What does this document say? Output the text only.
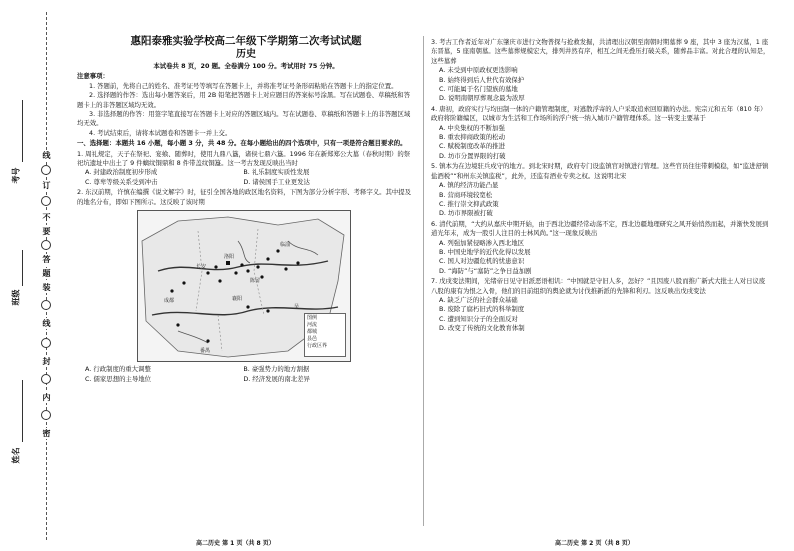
考号
班级
姓名
线
订
不
要
答
题
装
线
封
内
密
惠阳泰雅实验学校高二年级下学期第二次考试试题
历史
本试卷共 8 页，20 题。全卷满分 100 分。考试用时 75 分钟。
注意事项：

1. 答题前，先将自己的姓名、准考证号等填写在答题卡上，并将准考证号条形码粘贴在答题卡上的指定位置。

2. 选择题的作答：选出每小题答案后，用 2B 铅笔把答题卡上对应题目的答案标号涂黑。写在试题卷、草稿纸和答题卡上的非答题区域均无效。

3. 非选择题的作答：用签字笔直接写在答题卡上对应的答题区域内。写在试题卷、草稿纸和答题卡上的非答题区域均无效。

4. 考试结束后，请将本试题卷和答题卡一并上交。

一、选择题：本题共 16 小题，每小题 3 分，共 48 分。在每小题给出的四个选项中，只有一项是符合题目要求的。

1. 周礼规定，天子在祭祀、宴飨、随葬时，使用九鼎八簋，诸侯七鼎六簋。1996 年在新郑郑公大墓（春秋时期）的祭祀坑遗址中出土了 9 件螭纹铜鼎和 8 件带盖纹铜簋。这一考古发现反映出当时

A. 封建政治制度初步形成	B. 礼乐制度实质性发展
C. 尊卑等级关系受到冲击	D. 诸侯国手工业更发达

2. 东汉前期，许慎在编撰《说文解字》时，征引全国各地的政区地名资料，下图为部分分析字形、考释字义。其中提及的地名分布，即如下图所示。这反映了该时期

洛阳
长安
临淄
吴
成都
番禺
襄阳
陈留
图例
河流
都城
县邑
行政区界
A. 行政制度的重大调整	B. 豪强势力的地方割据
C. 儒家思想的主导地位	D. 经济发展的南北差异

3. 考古工作者近年对广东肇庆市进行文物普探与抢救发掘，共清理出汉朝至南朝时期墓葬 9 座，其中 3 座为汉墓，1 座东晋墓，5 座南朝墓。这些墓葬规模宏大，排列井然有序，相互之间无叠压打破关系，随葬品丰富。对此合理的认知是，这些墓葬

A. 未受到中原政权更迭影响
B. 始终得到后人世代有效保护
C. 可能属于名门望族的墓地
D. 说明南朝厚葬观念最为浓厚

4. 唐初，政府实行与均田制一体的户籍管理制度，对逃散浮寄的人户采取追索回原籍的办法。宪宗元和五年（810 年）政府将阶籍编区，以城市为生活和工作场所的浮户统一纳入城市户籍管理体系。这一转变主要基于

A. 中央集权的不断加强
B. 重农抑商政策的松动
C. 赋税制度改革的推进
D. 坊市分置界限的打破

5. 镇本为在边境驻兵戍守的地方。到北宋时期，政府专门设监镇官对镇进行管理。这些官员往往带刺模稳，如“监进舒镇盐酒税”“和州东关镇监税”，此外，还监有酒业专卖之权。这说明北宋

A. 镇的经济功能凸显
B. 营商环境较宽松
C. 推行崇文抑武政策
D. 坊市界限被打破

6. 清代前期，“大约从嘉庆中期开始，由于西北边疆经常动荡不定，西北边疆地理研究之风开始悄然而起，并渐快发展到道光年末，成为一股引人注目的士林风尚。”这一现象反映出

A. 列强加紧侵略渗入西北地区
B. 中国史地学的近代化得以发展
C. 国人对边疆危机的忧患意识
D. “海防”与“塞防”之争日益加剧

7. 戊戌变法期间，光绪帝日见守旧派恶语相讥：“中国就是守旧人多，怎好？”且因废八股而推广新式大批士人对日议废八股的康有为恨之入骨，他们的目前组织的舆论就为讨伐推新派的先锋和利刃。这反映出戊戌变法

A. 缺乏广泛的社会群众基础
B. 废除了腐朽旧式的科举制度
C. 遭到知识分子的全面反对
D. 改变了传统的文化教育体制
高二历史 第 1 页（共 8 页）	高二历史 第 2 页（共 8 页）
